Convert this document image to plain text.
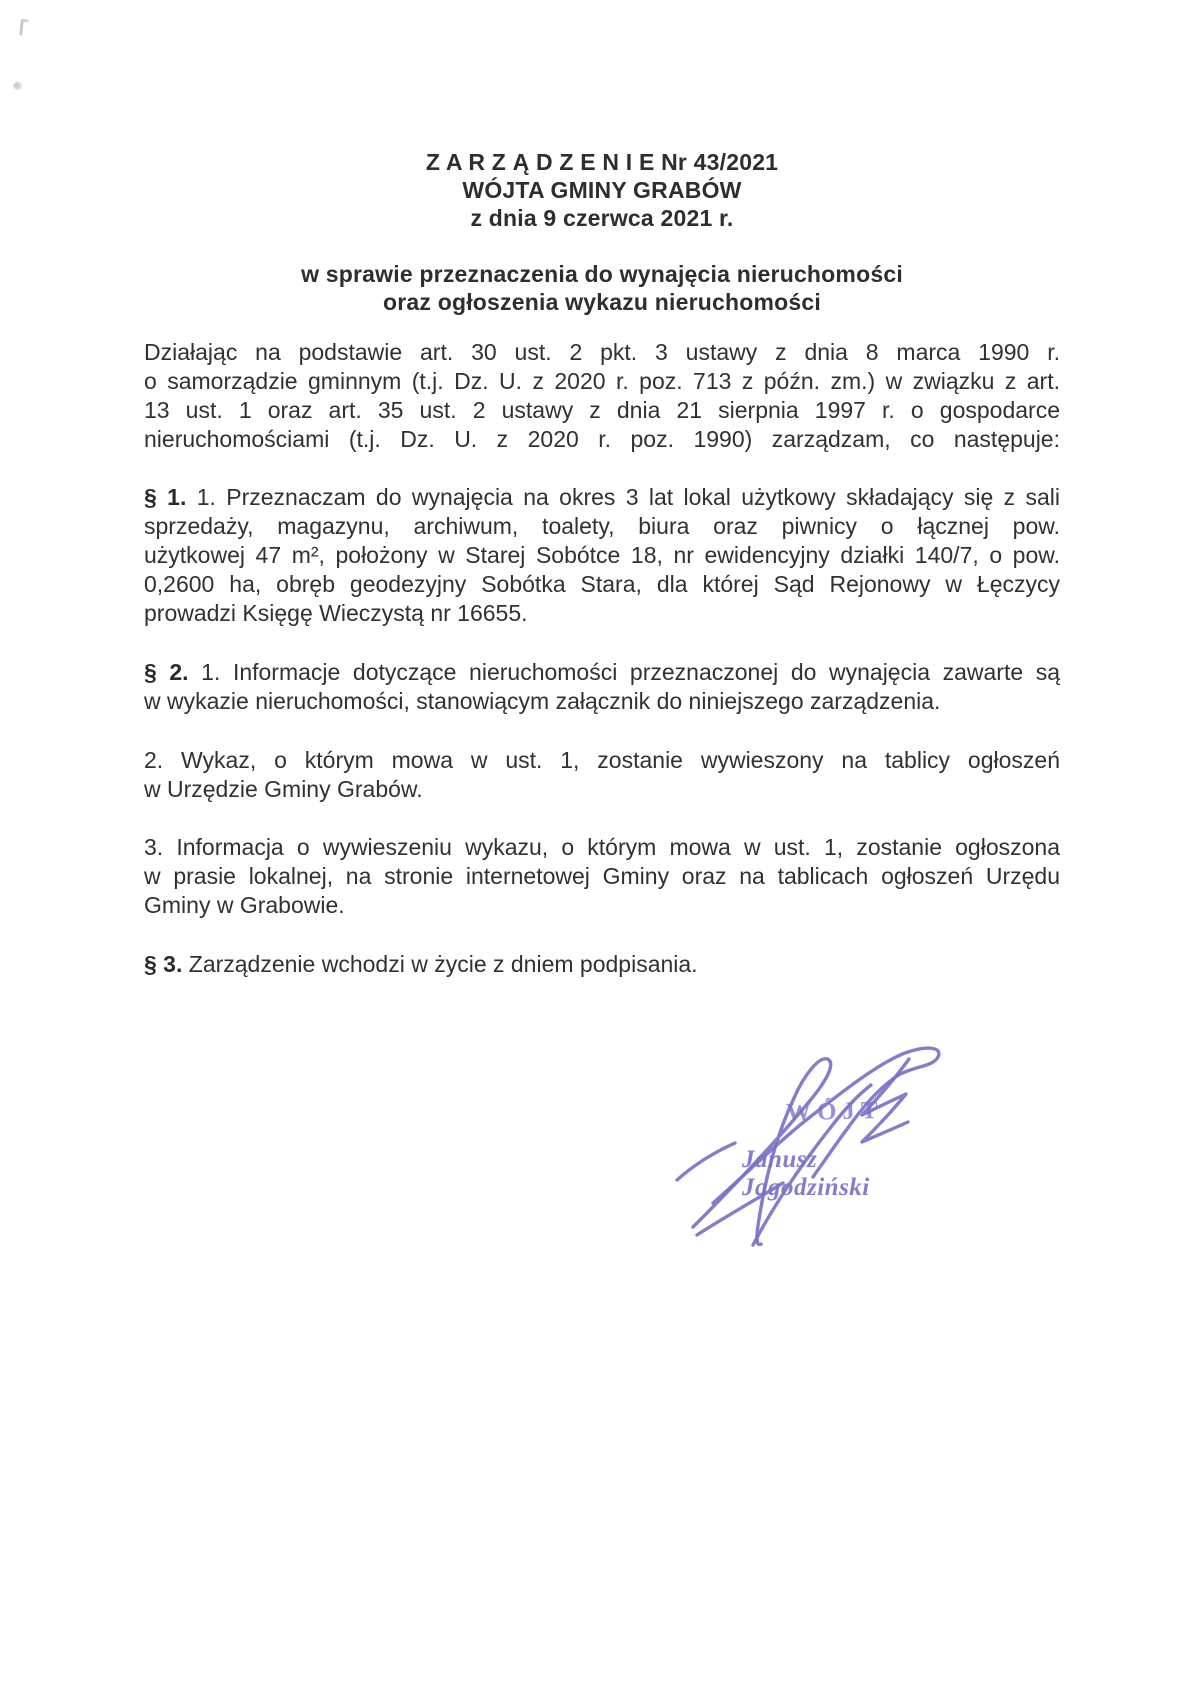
Z A R Z Ą D Z E N I E Nr 43/2021
WÓJTA GMINY GRABÓW
z dnia 9 czerwca 2021 r.
w sprawie przeznaczenia do wynajęcia nieruchomości
oraz ogłoszenia wykazu nieruchomości
Działając na podstawie art. 30 ust. 2 pkt. 3 ustawy z dnia 8 marca 1990 r.
o samorządzie gminnym (t.j. Dz. U. z 2020 r. poz. 713 z późn. zm.) w związku z art.
13 ust. 1 oraz art. 35 ust. 2 ustawy z dnia 21 sierpnia 1997 r. o gospodarce
nieruchomościami (t.j. Dz. U. z 2020 r. poz. 1990) zarządzam, co następuje:
§ 1. 1. Przeznaczam do wynajęcia na okres 3 lat lokal użytkowy składający się z sali
sprzedaży, magazynu, archiwum, toalety, biura oraz piwnicy o łącznej pow.
użytkowej 47 m², położony w Starej Sobótce 18, nr ewidencyjny działki 140/7, o pow.
0,2600 ha, obręb geodezyjny Sobótka Stara, dla której Sąd Rejonowy w Łęczycy
prowadzi Księgę Wieczystą nr 16655.
§ 2. 1. Informacje dotyczące nieruchomości przeznaczonej do wynajęcia zawarte są
w wykazie nieruchomości, stanowiącym załącznik do niniejszego zarządzenia.
2. Wykaz, o którym mowa w ust. 1, zostanie wywieszony na tablicy ogłoszeń
w Urzędzie Gminy Grabów.
3. Informacja o wywieszeniu wykazu, o którym mowa w ust. 1, zostanie ogłoszona
w prasie lokalnej, na stronie internetowej Gminy oraz na tablicach ogłoszeń Urzędu
Gminy w Grabowie.
§ 3. Zarządzenie wchodzi w życie z dniem podpisania.
WÓJT
Janusz Jagodziński
